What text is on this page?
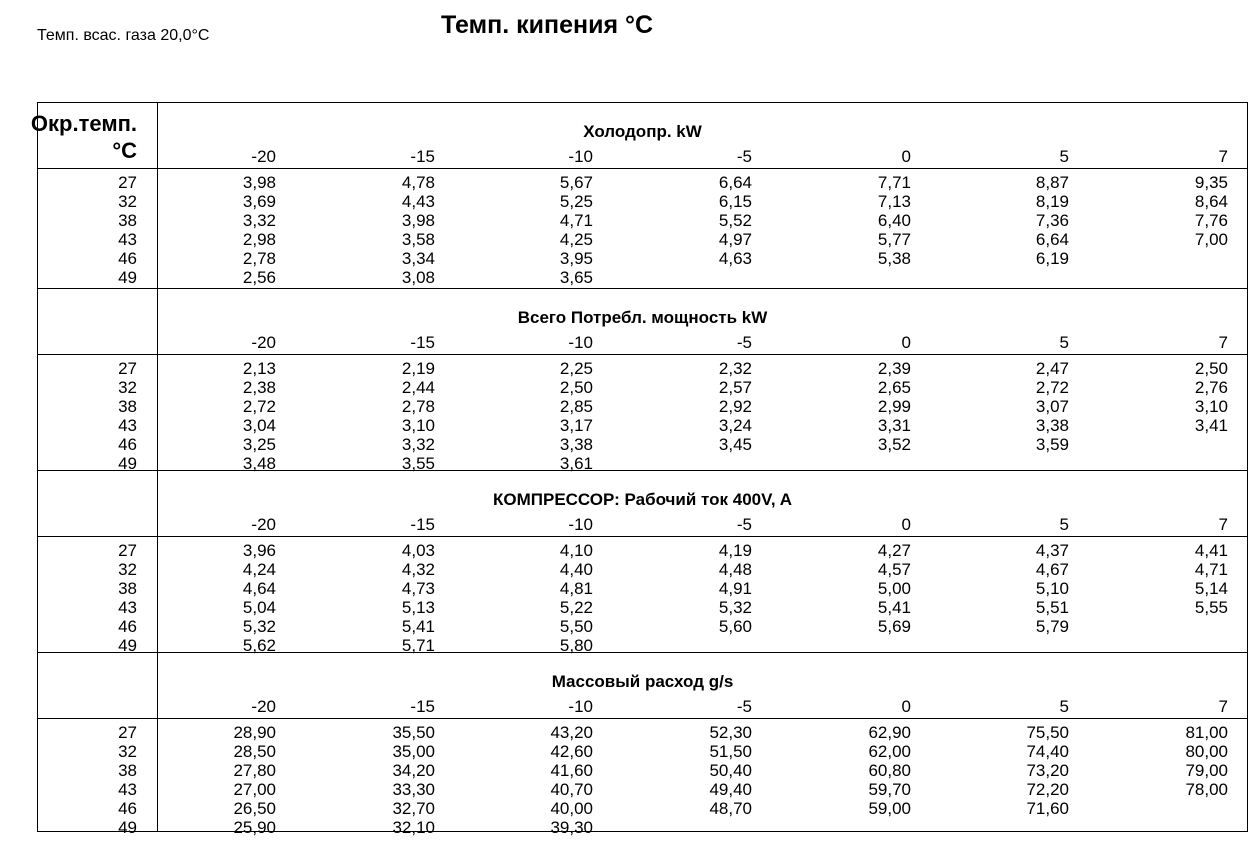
Темп. всас. газа 20,0°C	Темп. кипения °C
Окр.темп.
°C
Холодопр. kW
-20	-15	-10	-5	0	5	7
27	3,98	4,78	5,67	6,64	7,71	8,87	9,35
32	3,69	4,43	5,25	6,15	7,13	8,19	8,64
38	3,32	3,98	4,71	5,52	6,40	7,36	7,76
43	2,98	3,58	4,25	4,97	5,77	6,64	7,00
46	2,78	3,34	3,95	4,63	5,38	6,19
49	2,56	3,08	3,65
Всего Потребл. мощность kW
-20	-15	-10	-5	0	5	7
27	2,13	2,19	2,25	2,32	2,39	2,47	2,50
32	2,38	2,44	2,50	2,57	2,65	2,72	2,76
38	2,72	2,78	2,85	2,92	2,99	3,07	3,10
43	3,04	3,10	3,17	3,24	3,31	3,38	3,41
46	3,25	3,32	3,38	3,45	3,52	3,59
49	3,48	3,55	3,61
КОМПРЕССОР: Рабочий ток 400V, A
-20	-15	-10	-5	0	5	7
27	3,96	4,03	4,10	4,19	4,27	4,37	4,41
32	4,24	4,32	4,40	4,48	4,57	4,67	4,71
38	4,64	4,73	4,81	4,91	5,00	5,10	5,14
43	5,04	5,13	5,22	5,32	5,41	5,51	5,55
46	5,32	5,41	5,50	5,60	5,69	5,79
49	5,62	5,71	5,80
Массовый расход g/s
-20	-15	-10	-5	0	5	7
27	28,90	35,50	43,20	52,30	62,90	75,50	81,00
32	28,50	35,00	42,60	51,50	62,00	74,40	80,00
38	27,80	34,20	41,60	50,40	60,80	73,20	79,00
43	27,00	33,30	40,70	49,40	59,70	72,20	78,00
46	26,50	32,70	40,00	48,70	59,00	71,60
49	25,90	32,10	39,30
